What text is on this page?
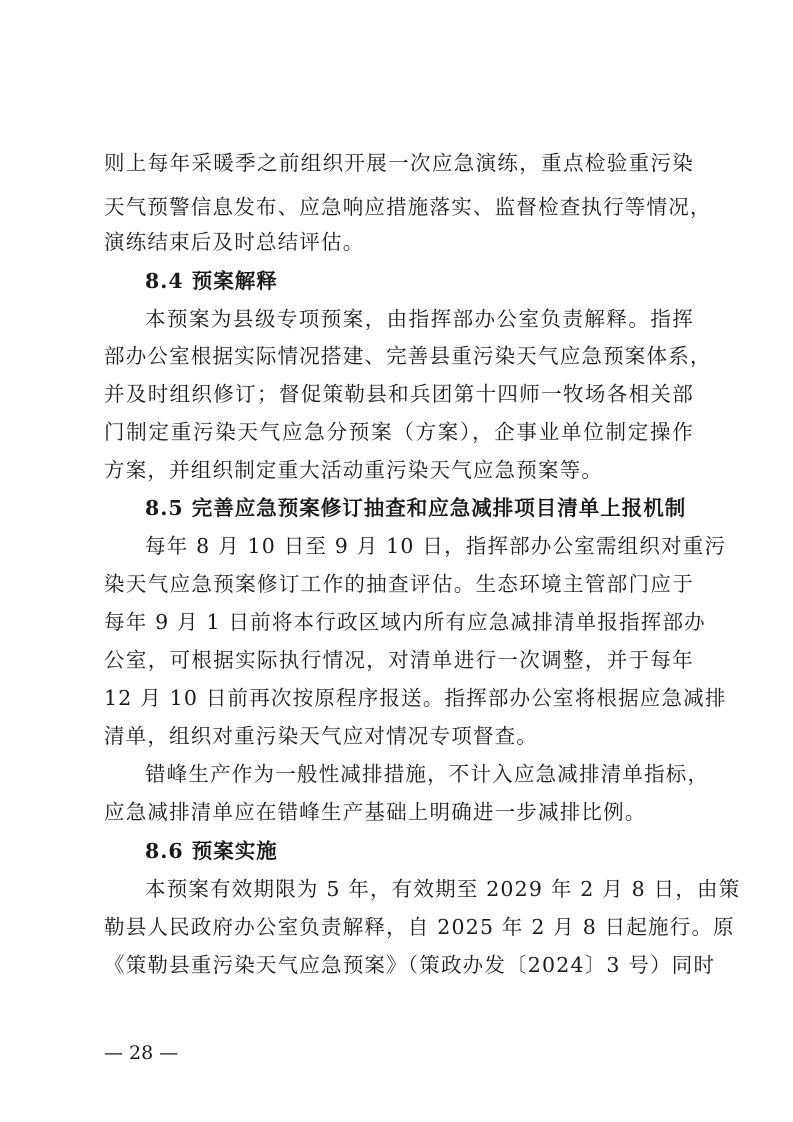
则上每年采暖季之前组织开展一次应急演练，重点检验重污染
天气预警信息发布、应急响应措施落实、监督检查执行等情况，
演练结束后及时总结评估。
8.4 预案解释
本预案为县级专项预案，由指挥部办公室负责解释。指挥
部办公室根据实际情况搭建、完善县重污染天气应急预案体系，
并及时组织修订；督促策勒县和兵团第十四师一牧场各相关部
门制定重污染天气应急分预案（方案），企事业单位制定操作
方案，并组织制定重大活动重污染天气应急预案等。
8.5 完善应急预案修订抽查和应急减排项目清单上报机制
每年 8 月 10 日至 9 月 10 日，指挥部办公室需组织对重污
染天气应急预案修订工作的抽查评估。生态环境主管部门应于
每年 9 月 1 日前将本行政区域内所有应急减排清单报指挥部办
公室，可根据实际执行情况，对清单进行一次调整，并于每年
12 月 10 日前再次按原程序报送。指挥部办公室将根据应急减排
清单，组织对重污染天气应对情况专项督查。
错峰生产作为一般性减排措施，不计入应急减排清单指标，
应急减排清单应在错峰生产基础上明确进一步减排比例。
8.6 预案实施
本预案有效期限为 5 年，有效期至 2029 年 2 月 8 日，由策
勒县人民政府办公室负责解释，自 2025 年 2 月 8 日起施行。原
《策勒县重污染天气应急预案》（策政办发〔2024〕3 号）同时
— 28 —
